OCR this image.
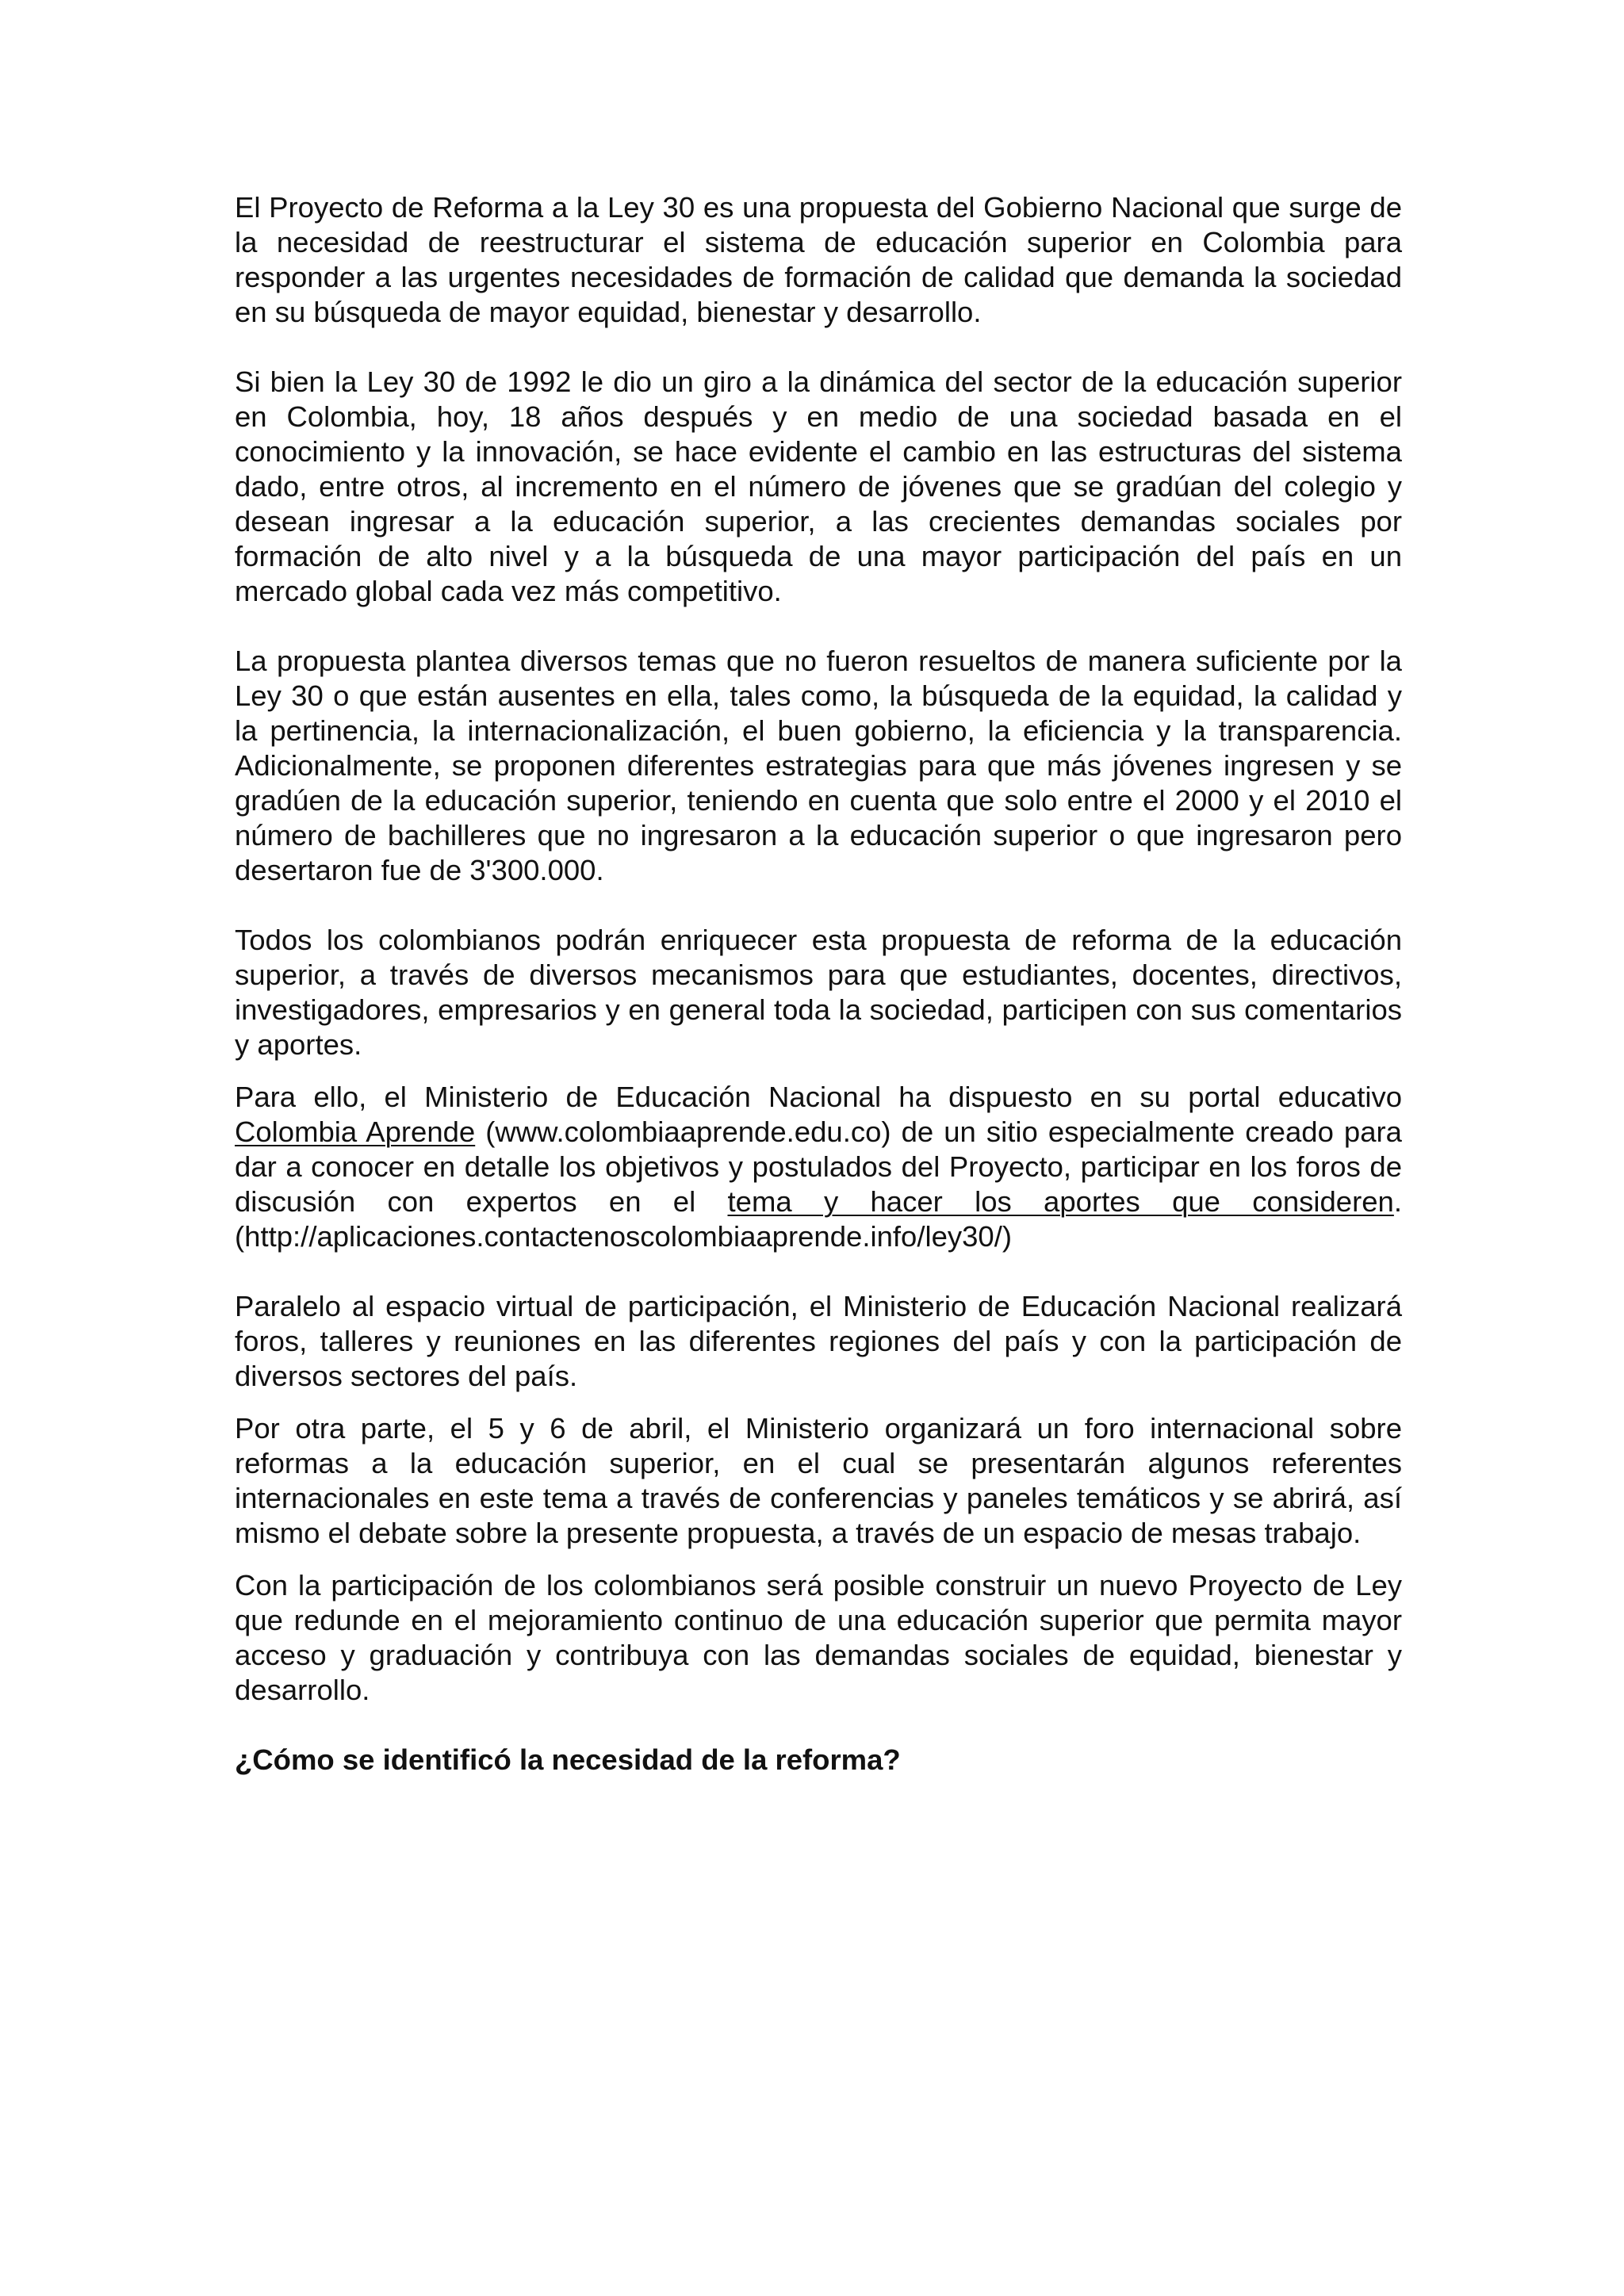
El Proyecto de Reforma a la Ley 30 es una propuesta del Gobierno Nacional que surge de la necesidad de reestructurar el sistema de educación superior en Colombia para responder a las urgentes necesidades de formación de calidad que demanda la sociedad en su búsqueda de mayor equidad, bienestar y desarrollo.

Si bien la Ley 30 de 1992 le dio un giro a la dinámica del sector de la educación superior en Colombia, hoy, 18 años después y en medio de una sociedad basada en el conocimiento y la innovación, se hace evidente el cambio en las estructuras del sistema dado, entre otros, al incremento en el número de jóvenes que se gradúan del colegio y desean ingresar a la educación superior, a las crecientes demandas sociales por formación de alto nivel y a la búsqueda de una mayor participación del país en un mercado global cada vez más competitivo.

La propuesta plantea diversos temas que no fueron resueltos de manera suficiente por la Ley 30 o que están ausentes en ella, tales como, la búsqueda de la equidad, la calidad y la pertinencia, la internacionalización, el buen gobierno, la eficiencia y la transparencia. Adicionalmente, se proponen diferentes estrategias para que más jóvenes ingresen y se gradúen de la educación superior, teniendo en cuenta que solo entre el 2000 y el 2010 el número de bachilleres que no ingresaron a la educación superior o que ingresaron pero desertaron fue de 3'300.000.

Todos los colombianos podrán enriquecer esta propuesta de reforma de la educación superior, a través de diversos mecanismos para que estudiantes, docentes, directivos, investigadores, empresarios y en general toda la sociedad, participen con sus comentarios y aportes.

Para ello, el Ministerio de Educación Nacional ha dispuesto en su portal educativo Colombia Aprende (www.colombiaaprende.edu.co) de un sitio especialmente creado para dar a conocer en detalle los objetivos y postulados del Proyecto, participar en los foros de discusión con expertos en el tema y hacer los aportes que consideren. (http://aplicaciones.contactenoscolombiaaprende.info/ley30/)

Paralelo al espacio virtual de participación, el Ministerio de Educación Nacional realizará foros, talleres y reuniones en las diferentes regiones del país y con la participación de diversos sectores del país.

Por otra parte, el 5 y 6 de abril, el Ministerio organizará un foro internacional sobre reformas a la educación superior, en el cual se presentarán algunos referentes internacionales en este tema a través de conferencias y paneles temáticos y se abrirá, así mismo el debate sobre la presente propuesta, a través de un espacio de mesas trabajo.

Con la participación de los colombianos será posible construir un nuevo Proyecto de Ley que redunde en el mejoramiento continuo de una educación superior que permita mayor acceso y graduación y contribuya con las demandas sociales de equidad, bienestar y desarrollo.

¿Cómo se identificó la necesidad de la reforma?
